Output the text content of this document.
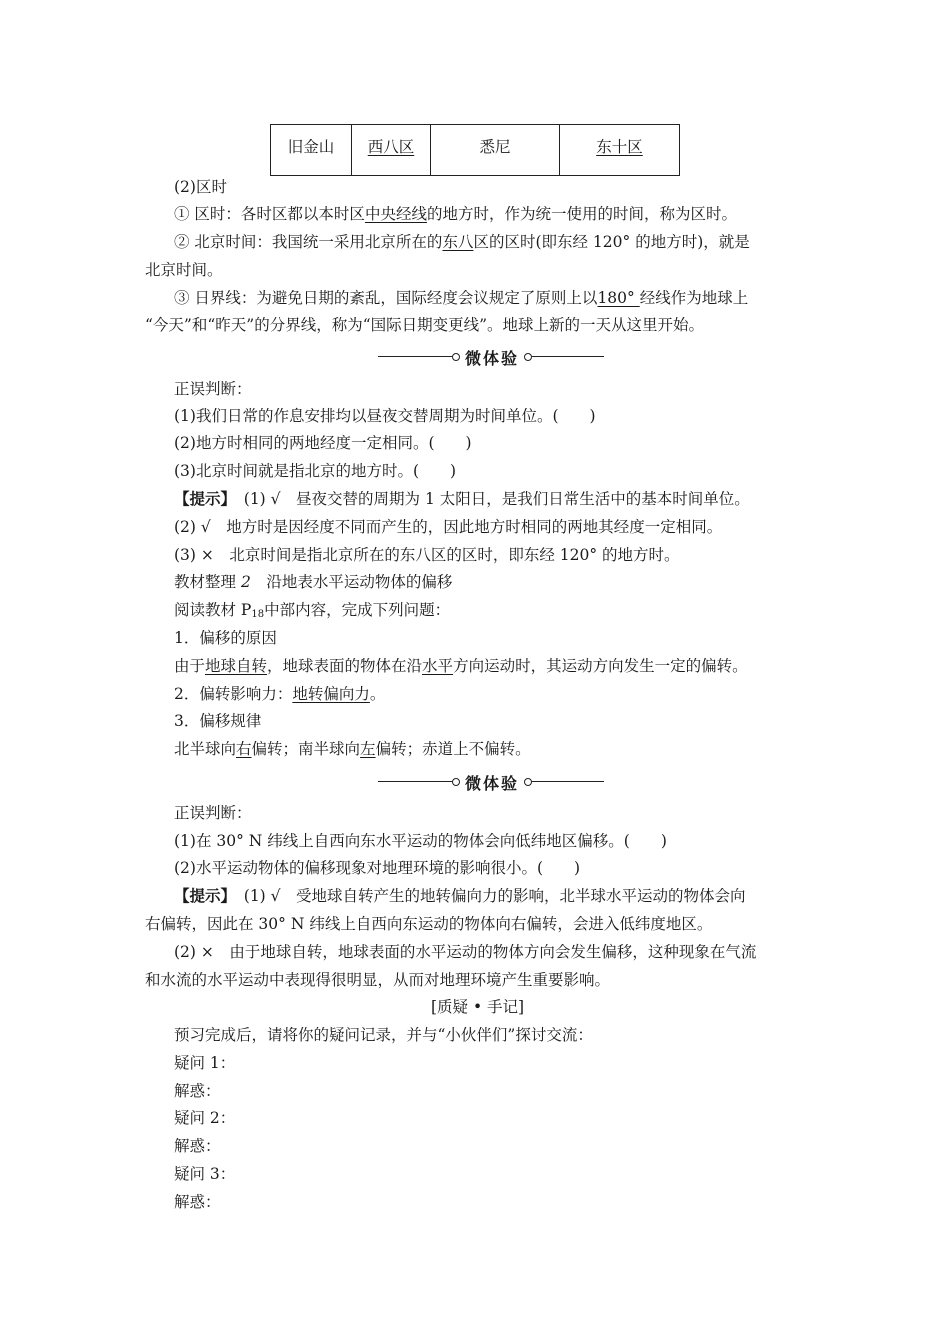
旧金山	西八区	悉尼	东十区
(2)区时
① 区时：各时区都以本时区中央经线的地方时，作为统一使用的时间，称为区时。
② 北京时间：我国统一采用北京所在的东八区的区时(即东经 120° 的地方时)，就是
北京时间。
③ 日界线：为避免日期的紊乱，国际经度会议规定了原则上以180° 经线作为地球上
“今天”和“昨天”的分界线，称为“国际日期变更线”。地球上新的一天从这里开始。
微体验
正误判断：
(1)我们日常的作息安排均以昼夜交替周期为时间单位。(　　)
(2)地方时相同的两地经度一定相同。(　　)
(3)北京时间就是指北京的地方时。(　　)
【提示】　(1) √　昼夜交替的周期为 1 太阳日，是我们日常生活中的基本时间单位。
(2) √　地方时是因经度不同而产生的，因此地方时相同的两地其经度一定相同。
(3) ×　北京时间是指北京所在的东八区的区时，即东经 120° 的地方时。
教材整理 2　沿地表水平运动物体的偏移
阅读教材 $P_{18}$中部内容，完成下列问题：
1．偏移的原因
由于地球自转，地球表面的物体在沿水平方向运动时，其运动方向发生一定的偏转。
2．偏转影响力：地转偏向力。
3．偏移规律
北半球向右偏转；南半球向左偏转；赤道上不偏转。
微体验
正误判断：
(1)在 30° N 纬线上自西向东水平运动的物体会向低纬地区偏移。(　　)
(2)水平运动物体的偏移现象对地理环境的影响很小。(　　)
【提示】　(1) √　受地球自转产生的地转偏向力的影响，北半球水平运动的物体会向
右偏转，因此在 30° N 纬线上自西向东运动的物体向右偏转，会进入低纬度地区。
(2) ×　由于地球自转，地球表面的水平运动的物体方向会发生偏移，这种现象在气流
和水流的水平运动中表现得很明显，从而对地理环境产生重要影响。
[质疑 • 手记]
预习完成后，请将你的疑问记录，并与“小伙伴们”探讨交流：
疑问 1：
解惑：
疑问 2：
解惑：
疑问 3：
解惑：
